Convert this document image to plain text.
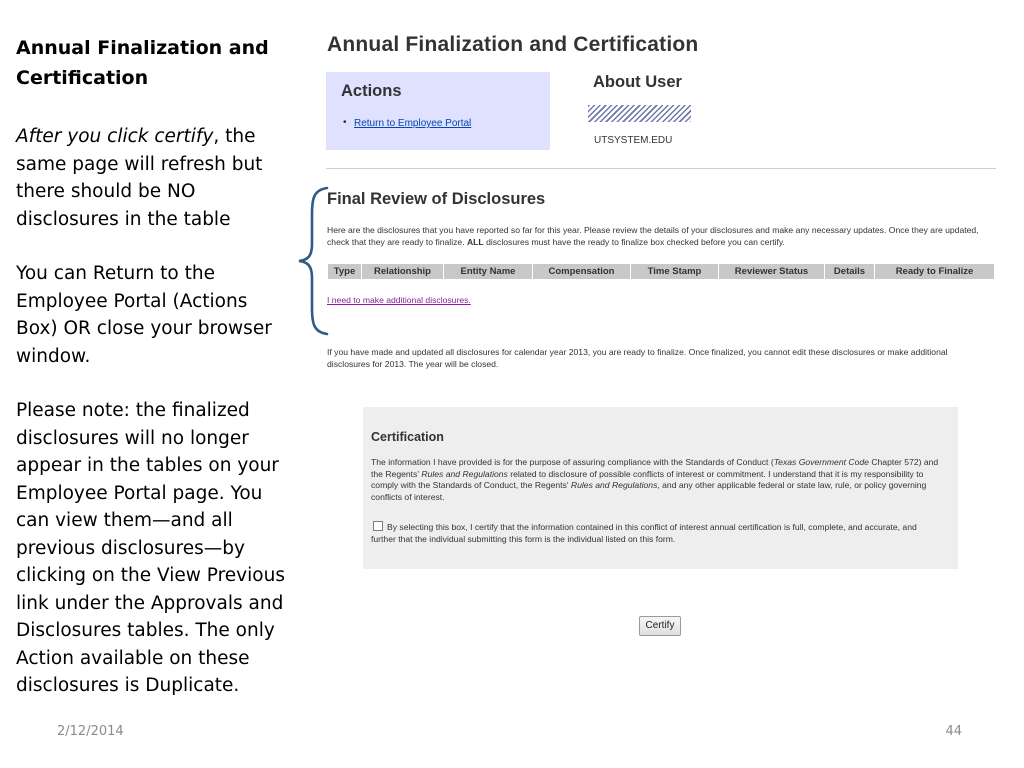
Annual Finalization and Certification
After you click certify, the same page will refresh but there should be NO disclosures in the table
You can Return to the Employee Portal (Actions Box) OR close your browser window.
Please note: the finalized disclosures will no longer appear in the tables on your Employee Portal page. You can view them—and all previous disclosures—by clicking on the View Previous link under the Approvals and Disclosures tables. The only Action available on these disclosures is Duplicate.
2/12/2014	44
Annual Finalization and Certification
Actions
• Return to Employee Portal
About User
UTSYSTEM.EDU
Final Review of Disclosures
Here are the disclosures that you have reported so far for this year. Please review the details of your disclosures and make any necessary updates. Once they are updated, check that they are ready to finalize. ALL disclosures must have the ready to finalize box checked before you can certify.
Type	Relationship	Entity Name	Compensation	Time Stamp	Reviewer Status	Details	Ready to Finalize
I need to make additional disclosures.
If you have made and updated all disclosures for calendar year 2013, you are ready to finalize. Once finalized, you cannot edit these disclosures or make additional disclosures for 2013. The year will be closed.
Certification
The information I have provided is for the purpose of assuring compliance with the Standards of Conduct (Texas Government Code Chapter 572) and the Regents' Rules and Regulations related to disclosure of possible conflicts of interest or commitment. I understand that it is my responsibility to comply with the Standards of Conduct, the Regents' Rules and Regulations, and any other applicable federal or state law, rule, or policy governing conflicts of interest.
By selecting this box, I certify that the information contained in this conflict of interest annual certification is full, complete, and accurate, and further that the individual submitting this form is the individual listed on this form.
Certify
